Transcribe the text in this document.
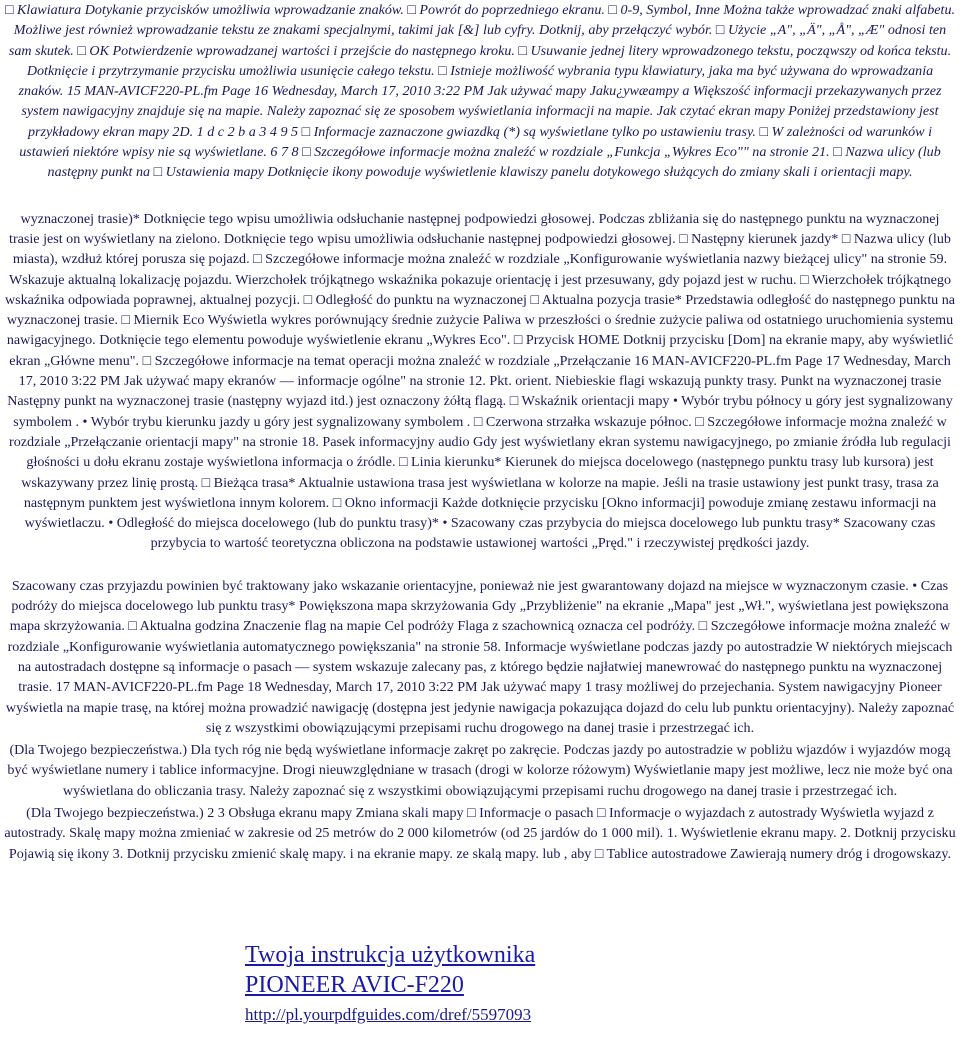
□ Klawiatura Dotykanie przycisków umożliwia wprowadzanie znaków. □ Powrót do poprzedniego ekranu. □ 0-9, Symbol, Inne Można także wprowadzać znaki alfabetu. Możliwe jest również wprowadzanie tekstu ze znakami specjalnymi, takimi jak [&] lub cyfry. Dotknij, aby przełączyć wybór. □ Użycie „A", „Ä", „Å", „Æ" odnosi ten sam skutek. □ OK Potwierdzenie wprowadzanej wartości i przejście do następnego kroku. □ Usuwanie jednej litery wprowadzonego tekstu, począwszy od końca tekstu. Dotknięcie i przytrzymanie przycisku umożliwia usunięcie całego tekstu. □ Istnieje możliwość wybrania typu klawiatury, jaka ma być używana do wprowadzania znaków. 15 MAN-AVICF220-PL.fm Page 16 Wednesday, March 17, 2010 3:22 PM Jak używać mapy Jaku¿ywæampy a Większość informacji przekazywanych przez system nawigacyjny znajduje się na mapie. Należy zapoznać się ze sposobem wyświetlania informacji na mapie. Jak czytać ekran mapy Poniżej przedstawiony jest przykładowy ekran mapy 2D. 1 d c 2 b a 3 4 9 5 □ Informacje zaznaczone gwiazdką (*) są wyświetlane tylko po ustawieniu trasy. □ W zależności od warunków i ustawień niektóre wpisy nie są wyświetlane. 6 7 8 □ Szczegółowe informacje można znaleźć w rozdziale „Funkcja „Wykres Eco"" na stronie 21. □ Nazwa ulicy (lub następny punkt na □ Ustawienia mapy Dotknięcie ikony powoduje wyświetlenie klawiszy panelu dotykowego służących do zmiany skali i orientacji mapy.

wyznaczonej trasie)* Dotknięcie tego wpisu umożliwia odsłuchanie następnej podpowiedzi głosowej. Podczas zbliżania się do następnego punktu na wyznaczonej trasie jest on wyświetlany na zielono. Dotknięcie tego wpisu umożliwia odsłuchanie następnej podpowiedzi głosowej. □ Następny kierunek jazdy* □ Nazwa ulicy (lub miasta), wzdłuż której porusza się pojazd. □ Szczegółowe informacje można znaleźć w rozdziale „Konfigurowanie wyświetlania nazwy bieżącej ulicy" na stronie 59. Wskazuje aktualną lokalizację pojazdu. Wierzchołek trójkątnego wskaźnika pokazuje orientację i jest przesuwany, gdy pojazd jest w ruchu. □ Wierzchołek trójkątnego wskaźnika odpowiada poprawnej, aktualnej pozycji. □ Odległość do punktu na wyznaczonej □ Aktualna pozycja trasie* Przedstawia odległość do następnego punktu na wyznaczonej trasie. □ Miernik Eco Wyświetla wykres porównujący średnie zużycie Paliwa w przeszłości o średnie zużycie paliwa od ostatniego uruchomienia systemu nawigacyjnego. Dotknięcie tego elementu powoduje wyświetlenie ekranu „Wykres Eco". □ Przycisk HOME Dotknij przycisku [Dom] na ekranie mapy, aby wyświetlić ekran „Główne menu". □ Szczegółowe informacje na temat operacji można znaleźć w rozdziale „Przełączanie 16 MAN-AVICF220-PL.fm Page 17 Wednesday, March 17, 2010 3:22 PM Jak używać mapy ekranów — informacje ogólne" na stronie 12. Pkt. orient. Niebieskie flagi wskazują punkty trasy. Punkt na wyznaczonej trasie Następny punkt na wyznaczonej trasie (następny wyjazd itd.) jest oznaczony żółtą flagą. □ Wskaźnik orientacji mapy • Wybór trybu północy u góry jest sygnalizowany symbolem . • Wybór trybu kierunku jazdy u góry jest sygnalizowany symbolem . □ Czerwona strzałka wskazuje północ. □ Szczegółowe informacje można znaleźć w rozdziale „Przełączanie orientacji mapy" na stronie 18. Pasek informacyjny audio Gdy jest wyświetlany ekran systemu nawigacyjnego, po zmianie źródła lub regulacji głośności u dołu ekranu zostaje wyświetlona informacja o źródle. □ Linia kierunku* Kierunek do miejsca docelowego (następnego punktu trasy lub kursora) jest wskazywany przez linię prostą. □ Bieżąca trasa* Aktualnie ustawiona trasa jest wyświetlana w kolorze na mapie. Jeśli na trasie ustawiony jest punkt trasy, trasa za następnym punktem jest wyświetlona innym kolorem. □ Okno informacji Każde dotknięcie przycisku [Okno informacji] powoduje zmianę zestawu informacji na wyświetlaczu. • Odległość do miejsca docelowego (lub do punktu trasy)* • Szacowany czas przybycia do miejsca docelowego lub punktu trasy* Szacowany czas przybycia to wartość teoretyczna obliczona na podstawie ustawionej wartości „Pręd." i rzeczywistej prędkości jazdy.

Szacowany czas przyjazdu powinien być traktowany jako wskazanie orientacyjne, ponieważ nie jest gwarantowany dojazd na miejsce w wyznaczonym czasie. • Czas podróży do miejsca docelowego lub punktu trasy* Powiększona mapa skrzyżowania Gdy „Przybliżenie" na ekranie „Mapa" jest „Wł.", wyświetlana jest powiększona mapa skrzyżowania. □ Aktualna godzina Znaczenie flag na mapie Cel podróży Flaga z szachownicą oznacza cel podróży. □ Szczegółowe informacje można znaleźć w rozdziale „Konfigurowanie wyświetlania automatycznego powiększania" na stronie 58. Informacje wyświetlane podczas jazdy po autostradzie W niektórych miejscach na autostradach dostępne są informacje o pasach — system wskazuje zalecany pas, z którego będzie najłatwiej manewrować do następnego punktu na wyznaczonej trasie. 17 MAN-AVICF220-PL.fm Page 18 Wednesday, March 17, 2010 3:22 PM Jak używać mapy 1 trasy możliwej do przejechania. System nawigacyjny Pioneer wyświetla na mapie trasę, na której można prowadzić nawigację (dostępna jest jedynie nawigacja pokazująca dojazd do celu lub punktu orientacyjny). Należy zapoznać się z wszystkimi obowiązującymi przepisami ruchu drogowego na danej trasie i przestrzegać ich.

(Dla Twojego bezpieczeństwa.) Dla tych róg nie będą wyświetlane informacje zakręt po zakręcie. Podczas jazdy po autostradzie w pobliżu wjazdów i wyjazdów mogą być wyświetlane numery i tablice informacyjne. Drogi nieuwzględniane w trasach (drogi w kolorze różowym) Wyświetlanie mapy jest możliwe, lecz nie może być ona wyświetlana do obliczania trasy. Należy zapoznać się z wszystkimi obowiązującymi przepisami ruchu drogowego na danej trasie i przestrzegać ich.

(Dla Twojego bezpieczeństwa.) 2 3 Obsługa ekranu mapy Zmiana skali mapy □ Informacje o pasach □ Informacje o wyjazdach z autostrady Wyświetla wyjazd z autostrady. Skalę mapy można zmieniać w zakresie od 25 metrów do 2 000 kilometrów (od 25 jardów do 1 000 mil). 1. Wyświetlenie ekranu mapy. 2. Dotknij przycisku Pojawią się ikony 3. Dotknij przycisku zmienić skalę mapy. i na ekranie mapy. ze skalą mapy. lub , aby □ Tablice autostradowe Zawierają numery dróg i drogowskazy.

Twoja instrukcja użytkownika
PIONEER AVIC-F220
http://pl.yourpdfguides.com/dref/5597093
